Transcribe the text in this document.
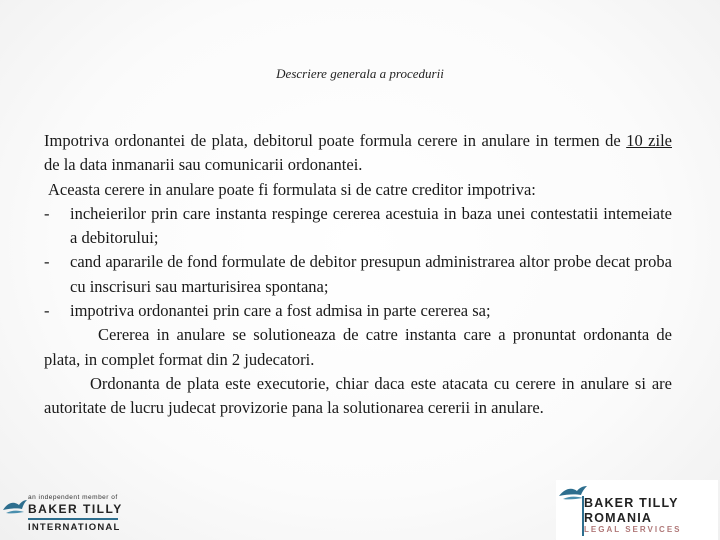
Descriere generala a procedurii

Impotriva ordonantei de plata, debitorul poate formula cerere in anulare in termen de 10 zile de la data inmanarii sau comunicarii ordonantei.

Aceasta cerere in anulare poate fi formulata si de catre creditor impotriva:

- incheierilor prin care instanta respinge cererea acestuia in baza unei contestatii intemeiate a debitorului;
- cand apararile de fond formulate de debitor presupun administrarea altor probe decat proba cu inscrisuri sau marturisirea spontana;
- impotriva ordonantei prin care a fost admisa in parte cererea sa;

Cererea in anulare se solutioneaza de catre instanta care a pronuntat ordonanta de plata, in complet format din 2 judecatori.

Ordonanta de plata este executorie, chiar daca este atacata cu cerere in anulare si are autoritate de lucru judecat provizorie pana la solutionarea cererii in anulare.

an independent member of
BAKER TILLY
INTERNATIONAL
BAKER TILLY
ROMANIA
LEGAL SERVICES
